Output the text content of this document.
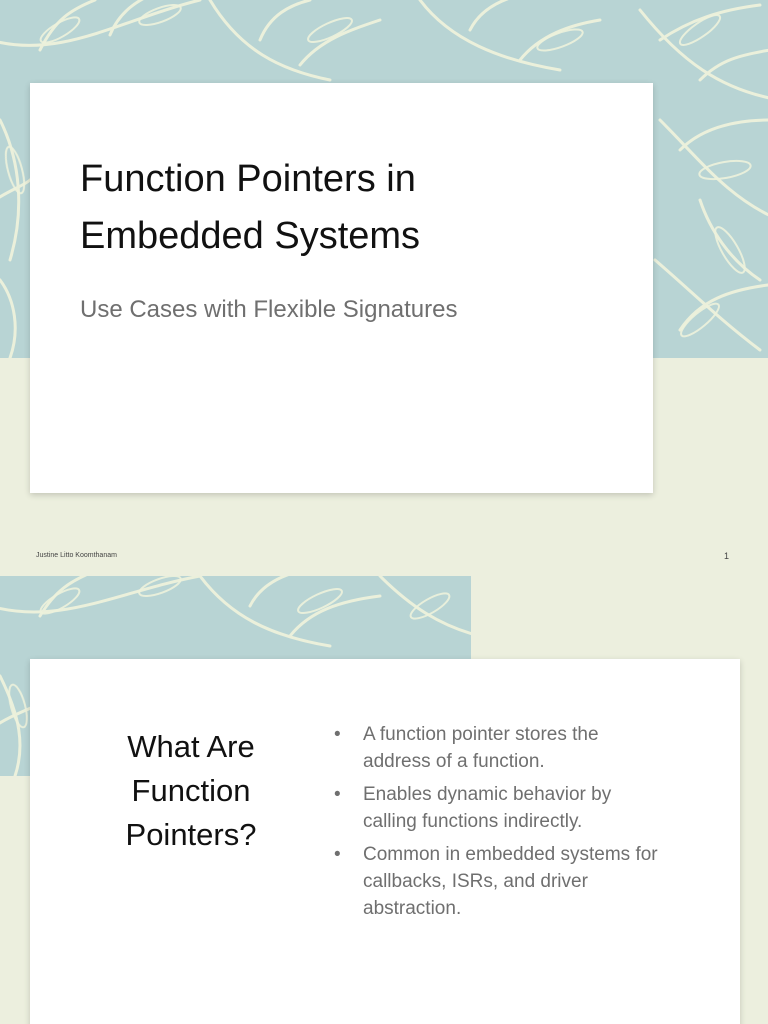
Function Pointers in Embedded Systems

Use Cases with Flexible Signatures

Justine Litto Koomthanam	1
What Are Function Pointers?
• A function pointer stores the address of a function.
• Enables dynamic behavior by calling functions indirectly.
• Common in embedded systems for callbacks, ISRs, and driver abstraction.
